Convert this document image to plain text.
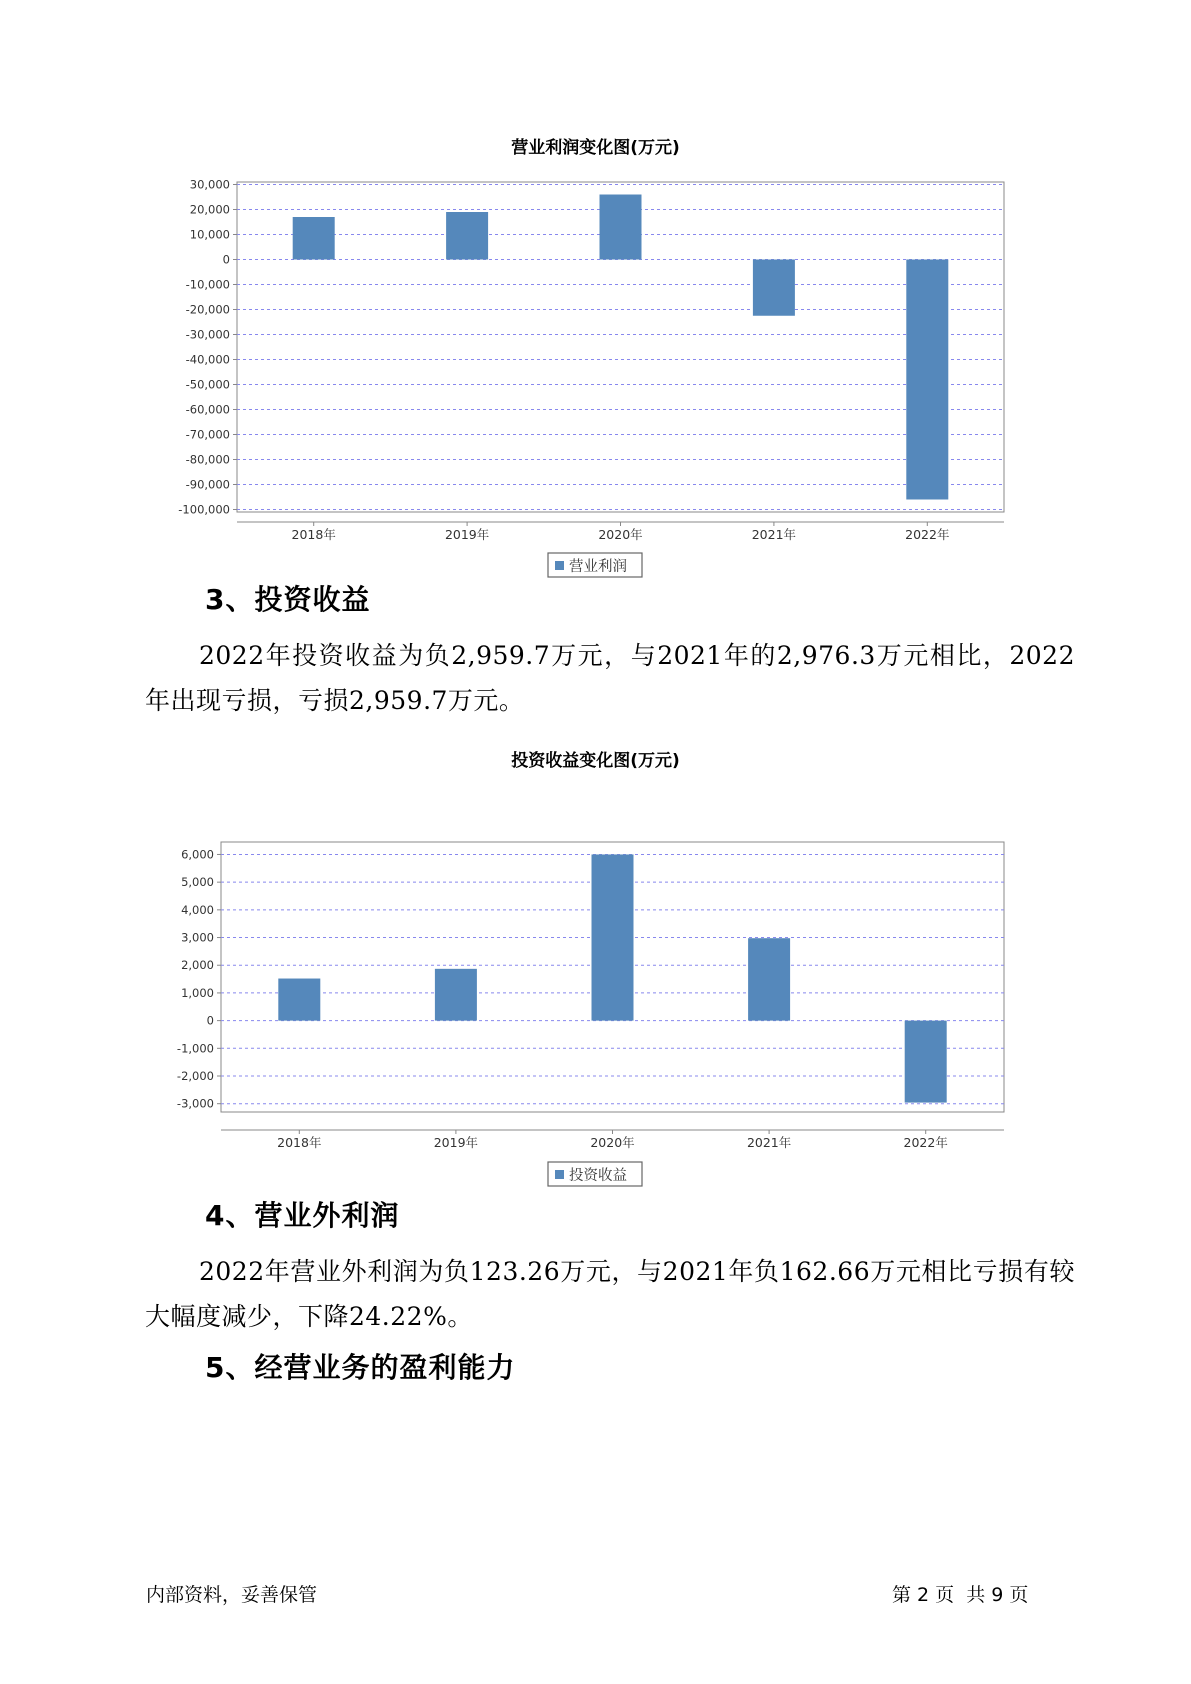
营业利润变化图(万元)
30,000
20,000
10,000
0
-10,000
-20,000
-30,000
-40,000
-50,000
-60,000
-70,000
-80,000
-90,000
-100,000
2018年	2019年	2020年	2021年	2022年
营业利润
3、投资收益
2022年投资收益为负2,959.7万元，与2021年的2,976.3万元相比，2022年出现亏损，亏损2,959.7万元。
投资收益变化图(万元)
6,000
5,000
4,000
3,000
2,000
1,000
0
-1,000
-2,000
-3,000
2018年	2019年	2020年	2021年	2022年
投资收益
4、营业外利润
2022年营业外利润为负123.26万元，与2021年负162.66万元相比亏损有较大幅度减少，下降24.22%。
5、经营业务的盈利能力
内部资料，妥善保管	第 2 页  共 9 页
